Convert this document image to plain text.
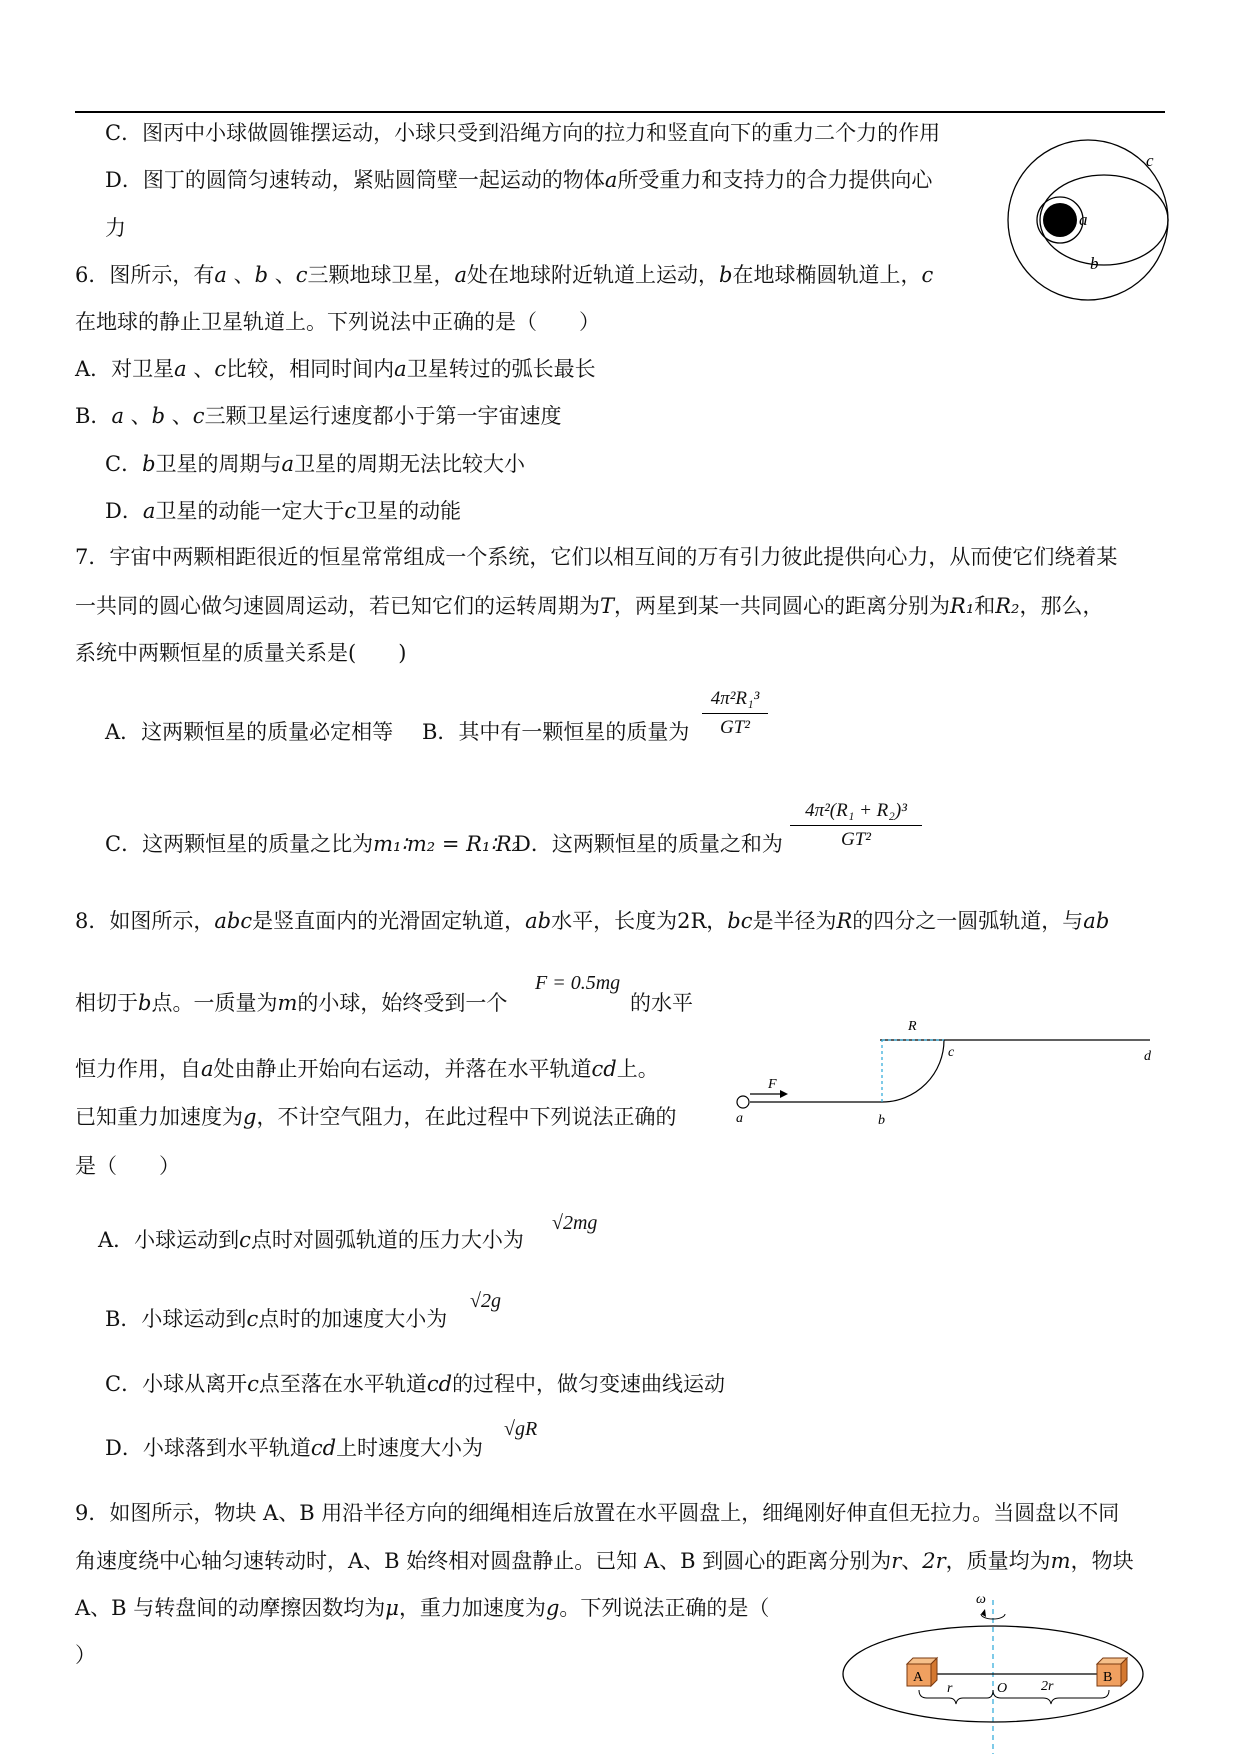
C．图丙中小球做圆锥摆运动，小球只受到沿绳方向的拉力和竖直向下的重力二个力的作用
D．图丁的圆筒匀速转动，紧贴圆筒壁一起运动的物体a所受重力和支持力的合力提供向心
力
6．图所示，有a 、b 、c三颗地球卫星，a处在地球附近轨道上运动，b在地球椭圆轨道上，c
在地球的静止卫星轨道上。下列说法中正确的是（　　）
A．对卫星a 、c比较，相同时间内a卫星转过的弧长最长
B．a 、b 、c三颗卫星运行速度都小于第一宇宙速度
C．b卫星的周期与a卫星的周期无法比较大小
D．a卫星的动能一定大于c卫星的动能
a
c
b
7．宇宙中两颗相距很近的恒星常常组成一个系统，它们以相互间的万有引力彼此提供向心力，从而使它们绕着某
一共同的圆心做匀速圆周运动，若已知它们的运转周期为T，两星到某一共同圆心的距离分别为R₁和R₂，那么，
系统中两颗恒星的质量关系是(　　)
A．这两颗恒星的质量必定相等 B．其中有一颗恒星的质量为
4π²R₁³
GT²
C．这两颗恒星的质量之比为m₁∶m₂ = R₁∶R₂
D．这两颗恒星的质量之和为
4π²(R₁ + R₂)³
GT²
8．如图所示，abc是竖直面内的光滑固定轨道，ab水平，长度为2R，bc是半径为R的四分之一圆弧轨道，与ab
相切于b点。一质量为m的小球，始终受到一个
F = 0.5mg
的水平
恒力作用，自a处由静止开始向右运动，并落在水平轨道cd上。
已知重力加速度为g，不计空气阻力，在此过程中下列说法正确的
是（　　）
R
c	d
F
a	b
A．小球运动到c点时对圆弧轨道的压力大小为
√2mg
B．小球运动到c点时的加速度大小为
√2g
C．小球从离开c点至落在水平轨道cd的过程中，做匀变速曲线运动
D．小球落到水平轨道cd上时速度大小为
√gR
9．如图所示，物块 A、B 用沿半径方向的细绳相连后放置在水平圆盘上，细绳刚好伸直但无拉力。当圆盘以不同
角速度绕中心轴匀速转动时，A、B 始终相对圆盘静止。已知 A、B 到圆心的距离分别为r、2r，质量均为m，物块
A、B 与转盘间的动摩擦因数均为μ，重力加速度为g。下列说法正确的是（
）
ω
A	B
r	O 2r
